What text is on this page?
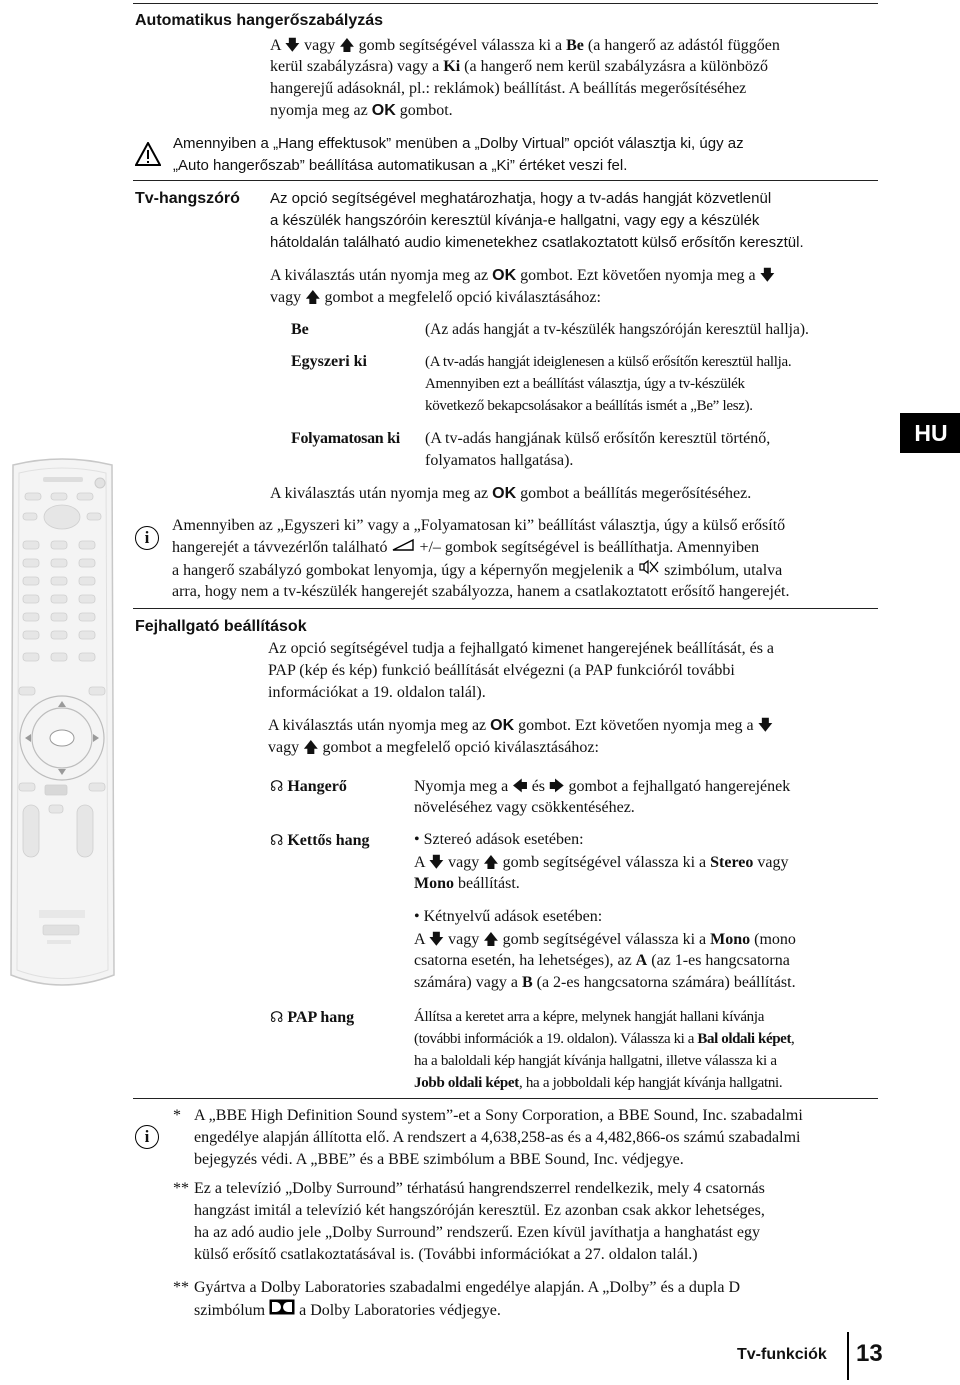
Automatikus hangerőszabályzás
A 🡇 vagy 🡅 gomb segítségével válassza ki a Be (a hangerő az adástól függően
kerül szabályzásra) vagy a Ki (a hangerő nem kerül szabályzásra a különböző
hangerejű adásoknál, pl.: reklámok) beállítást. A beállítás megerősítéséhez
nyomja meg az OK gombot.
Amennyiben a „Hang effektusok” menüben a „Dolby Virtual” opciót választja ki, úgy az
„Auto hangerőszab” beállítása automatikusan a „Ki” értéket veszi fel.
Tv-hangszóró Az opció segítségével meghatározhatja, hogy a tv-adás hangját közvetlenül
a készülék hangszóróin keresztül kívánja-e hallgatni, vagy egy a készülék
hátoldalán található audio kimenetekhez csatlakoztatott külső erősítőn keresztül.
A kiválasztás után nyomja meg az OK gombot. Ezt követően nyomja meg a 🡇
vagy 🡅 gombot a megfelelő opció kiválasztásához:
Be	(Az adás hangját a tv-készülék hangszóróján keresztül hallja).
Egyszeri ki	(A tv-adás hangját ideiglenesen a külső erősítőn keresztül hallja.
Amennyiben ezt a beállítást választja, úgy a tv-készülék
következő bekapcsolásakor a beállítás ismét a „Be” lesz).
Folyamatosan ki (A tv-adás hangjának külső erősítőn keresztül történő,
folyamatos hallgatása).
A kiválasztás után nyomja meg az OK gombot a beállítás megerősítéséhez.
i
Amennyiben az „Egyszeri ki” vagy a „Folyamatosan ki” beállítást választja, úgy a külső erősítő
hangerejét a távvezérlőn található +/– gombok segítségével is beállíthatja. Amennyiben
a hangerő szabályzó gombokat lenyomja, úgy a képernyőn megjelenik a szimbólum, utalva
arra, hogy nem a tv-készülék hangerejét szabályozza, hanem a csatlakoztatott erősítő hangerejét.
Fejhallgató beállítások
Az opció segítségével tudja a fejhallgató kimenet hangerejének beállítását, és a
PAP (kép és kép) funkció beállítását elvégezni (a PAP funkcióról további
információkat a 19. oldalon talál).
A kiválasztás után nyomja meg az OK gombot. Ezt követően nyomja meg a 🡇
vagy 🡅 gombot a megfelelő opció kiválasztásához:
☊ Hangerő	Nyomja meg a 🡄 és 🡆 gombot a fejhallgató hangerejének
növeléséhez vagy csökkentéséhez.
☊ Kettős hang	• Sztereó adások esetében:
A 🡇 vagy 🡅 gomb segítségével válassza ki a Stereo vagy
Mono beállítást.
• Kétnyelvű adások esetében:
A 🡇 vagy 🡅 gomb segítségével válassza ki a Mono (mono
csatorna esetén, ha lehetséges), az A (az 1-es hangcsatorna
számára) vagy a B (a 2-es hangcsatorna számára) beállítást.
☊ PAP hang	Állítsa a keretet arra a képre, melynek hangját hallani kívánja
(további információk a 19. oldalon). Válassza ki a Bal oldali képet,
ha a baloldali kép hangját kívánja hallgatni, illetve válassza ki a
Jobb oldali képet, ha a jobboldali kép hangját kívánja hallgatni.
i
* A „BBE High Definition Sound system”-et a Sony Corporation, a BBE Sound, Inc. szabadalmi
engedélye alapján állította elő. A rendszert a 4,638,258-as és a 4,482,866-os számú szabadalmi
bejegyzés védi. A „BBE” és a BBE szimbólum a BBE Sound, Inc. védjegye.
** Ez a televízió „Dolby Surround” térhatású hangrendszerrel rendelkezik, mely 4 csatornás
hangzást imitál a televízió két hangszóróján keresztül. Ez azonban csak akkor lehetséges,
ha az adó audio jele „Dolby Surround” rendszerű. Ezen kívül javíthatja a hanghatást egy
külső erősítő csatlakoztatásával is. (További információkat a 27. oldalon talál.)
** Gyártva a Dolby Laboratories szabadalmi engedélye alapján. A „Dolby” és a dupla D
szimbólum a Dolby Laboratories védjegye.
HU
Tv-funkciók 13
